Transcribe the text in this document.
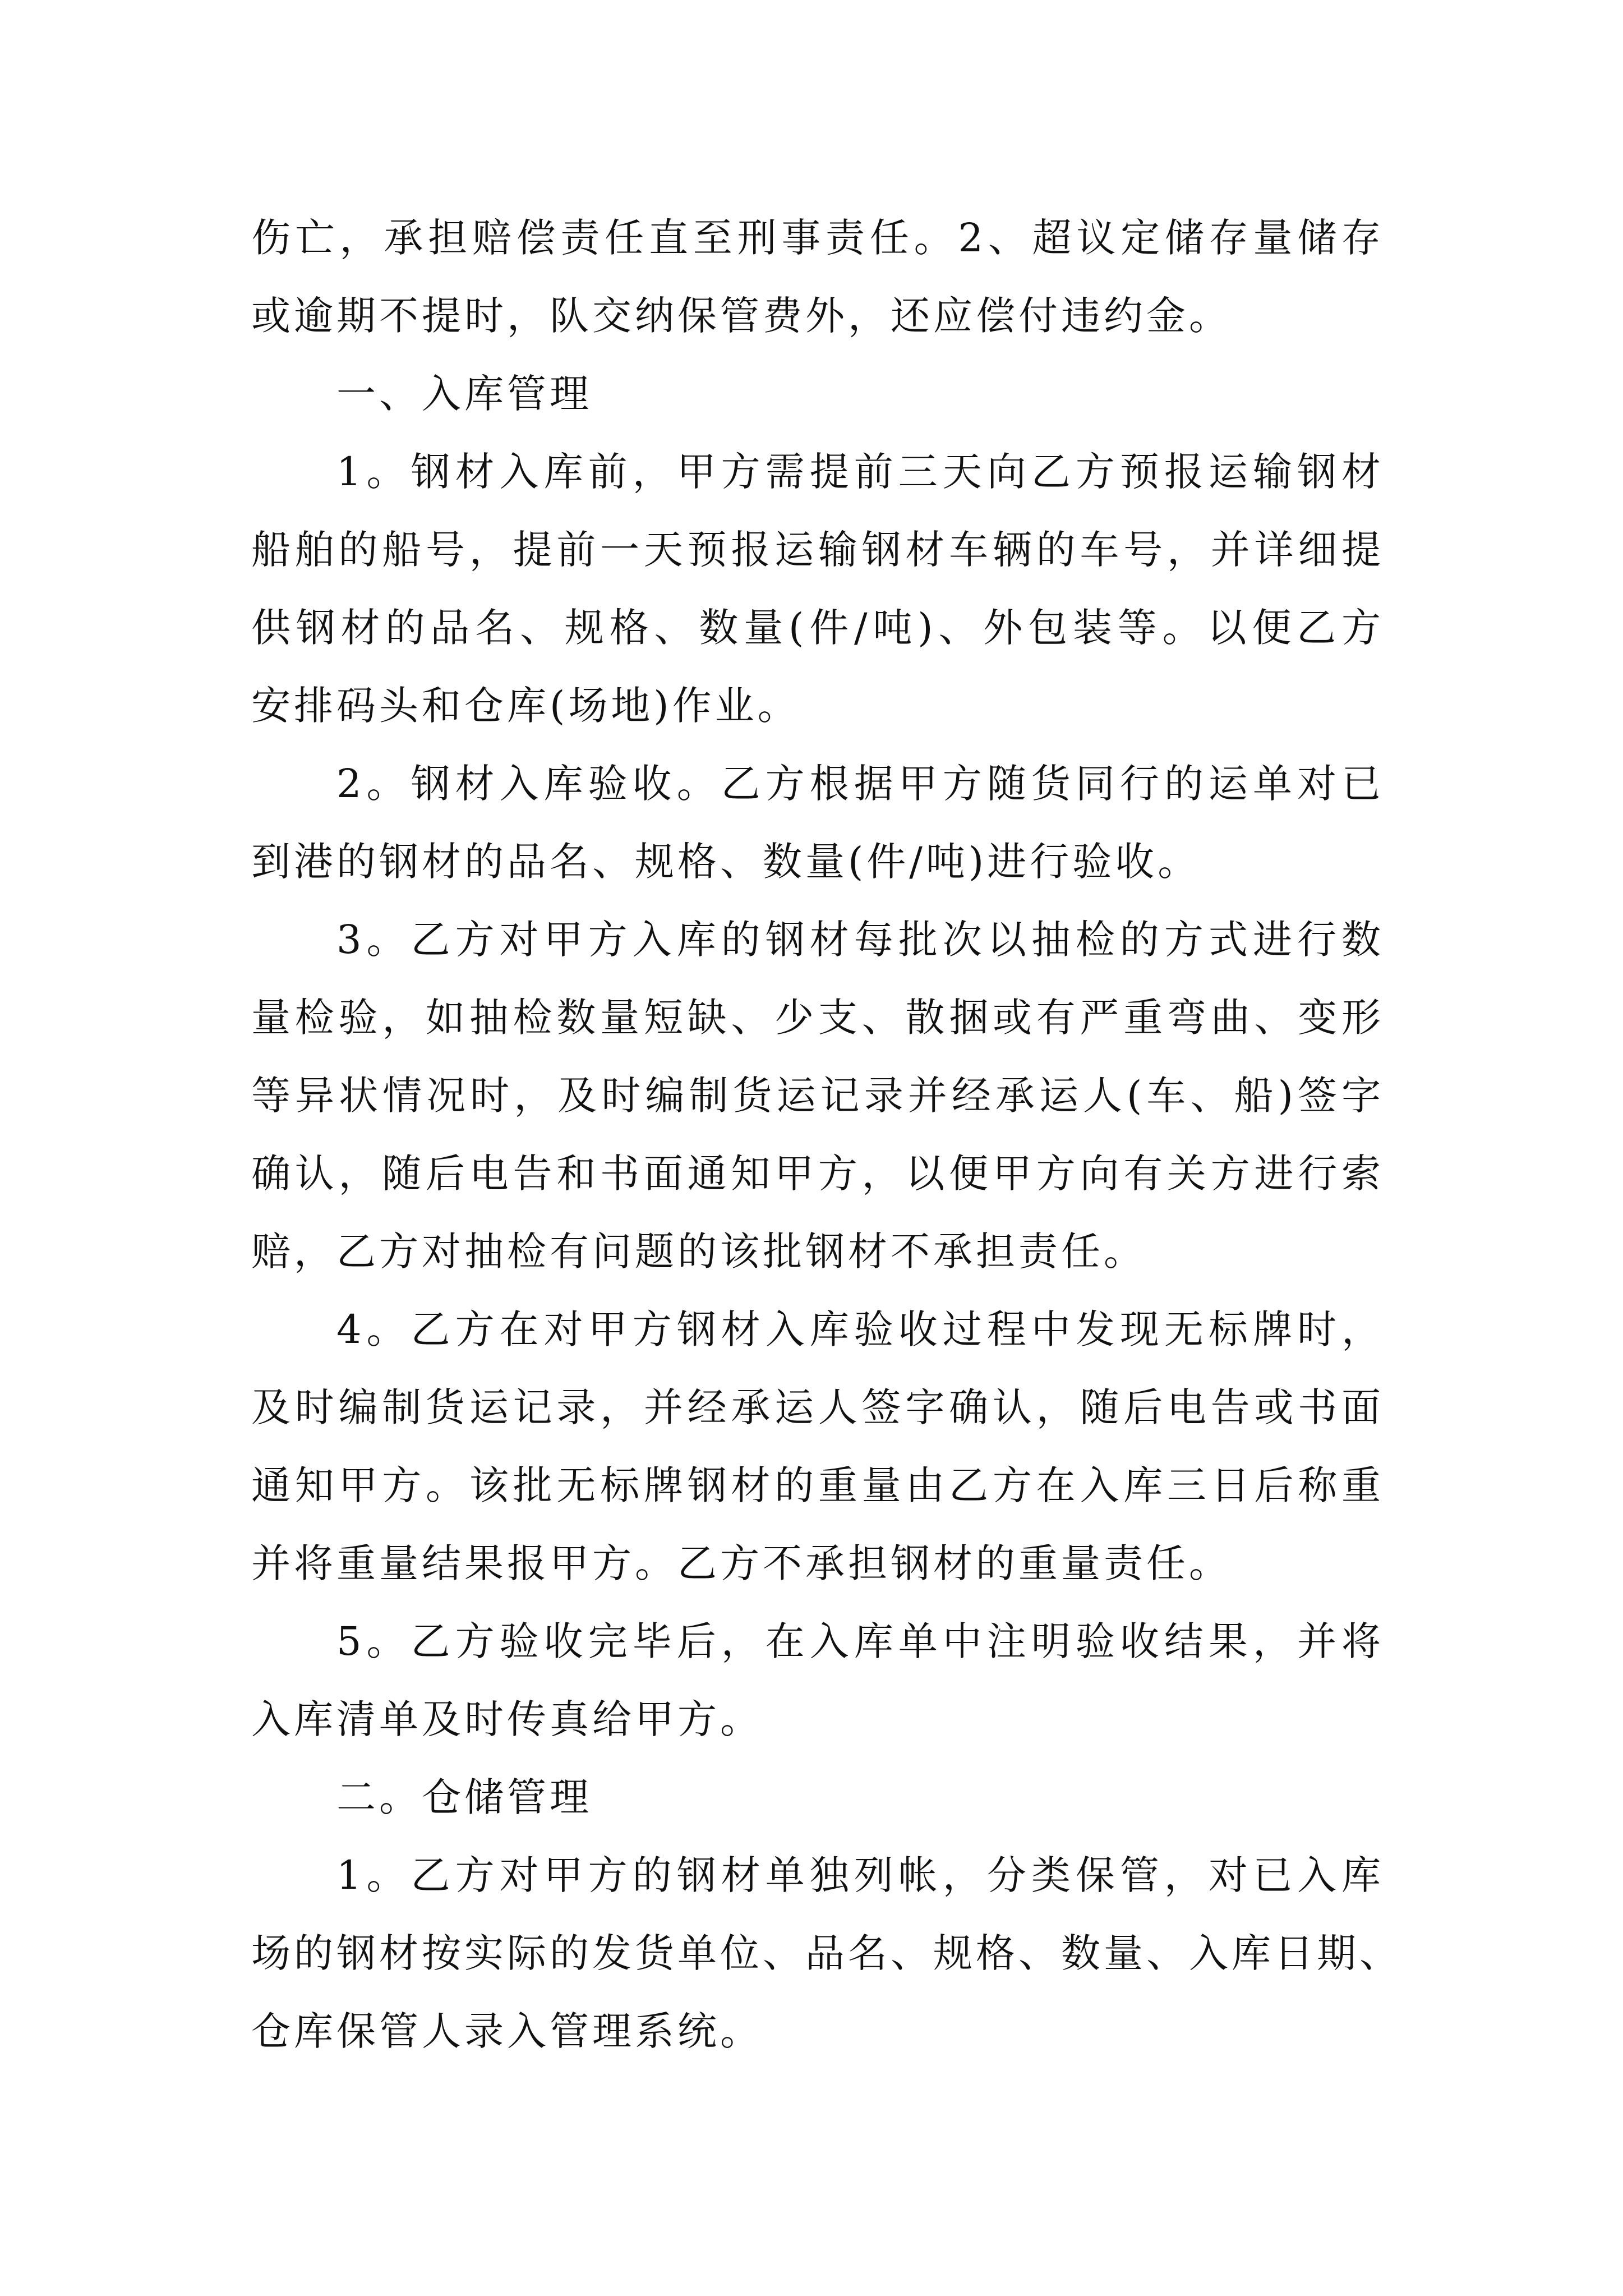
伤亡，承担赔偿责任直至刑事责任。2、超议定储存量储存
或逾期不提时，队交纳保管费外，还应偿付违约金。
一、入库管理
1。钢材入库前，甲方需提前三天向乙方预报运输钢材
船舶的船号，提前一天预报运输钢材车辆的车号，并详细提
供钢材的品名、规格、数量(件/吨)、外包装等。以便乙方
安排码头和仓库(场地)作业。
2。钢材入库验收。乙方根据甲方随货同行的运单对已
到港的钢材的品名、规格、数量(件/吨)进行验收。
3。乙方对甲方入库的钢材每批次以抽检的方式进行数
量检验，如抽检数量短缺、少支、散捆或有严重弯曲、变形
等异状情况时，及时编制货运记录并经承运人(车、船)签字
确认，随后电告和书面通知甲方，以便甲方向有关方进行索
赔，乙方对抽检有问题的该批钢材不承担责任。
4。乙方在对甲方钢材入库验收过程中发现无标牌时，
及时编制货运记录，并经承运人签字确认，随后电告或书面
通知甲方。该批无标牌钢材的重量由乙方在入库三日后称重
并将重量结果报甲方。乙方不承担钢材的重量责任。
5。乙方验收完毕后，在入库单中注明验收结果，并将
入库清单及时传真给甲方。
二。仓储管理
1。乙方对甲方的钢材单独列帐，分类保管，对已入库
场的钢材按实际的发货单位、品名、规格、数量、入库日期、
仓库保管人录入管理系统。
